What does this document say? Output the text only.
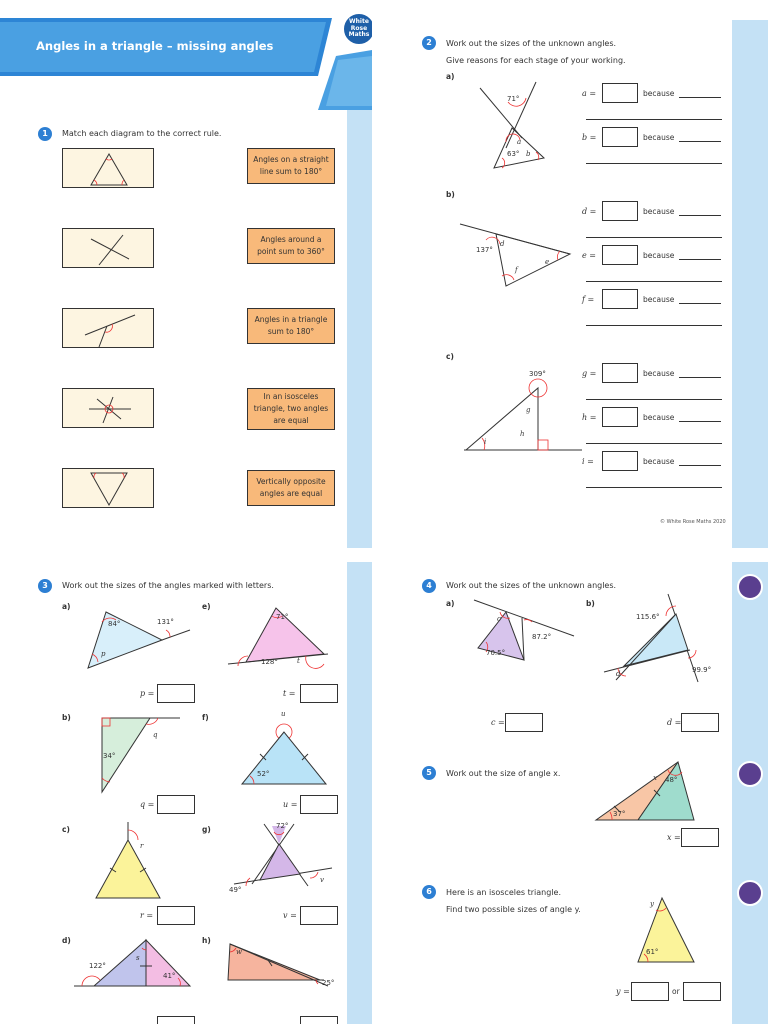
Angles in a triangle – missing angles
White Rose Maths
1	Match each diagram to the correct rule.
Angles on a straight line sum to 180°
Angles around a point sum to 360°
Angles in a triangle sum to 180°
In an isosceles triangle, two angles are equal
Vertically opposite angles are equal
2	Work out the sizes of the unknown angles.
Give reasons for each stage of your working.
a)
71°
63°
a
b
b)
137°
d
e
f
c)
309°
g
h
i
a =	because
b =	because
d =	because
e =	because
f =	because
g =	because
h =	because
i =	because
© White Rose Maths 2020
3	Work out the sizes of the angles marked with letters.
a)
b)
c)
d)
e)
f)
g)
h)
84°	131°
p
34°
q
r
122°
s
41°
71°
128°	t
u
52°
72°
49°
v
w
25°
p =
q =
r =
t =
u =
v =
4	Work out the sizes of the unknown angles.
a)	b)
c
87.2°
70.5°
115.6°
99.9°
d
c =	d =
5	Work out the size of angle x.	x 48°
37°
x =
6	Here is an isosceles triangle.
Find two possible sizes of angle y.
y
61°
y =	or
